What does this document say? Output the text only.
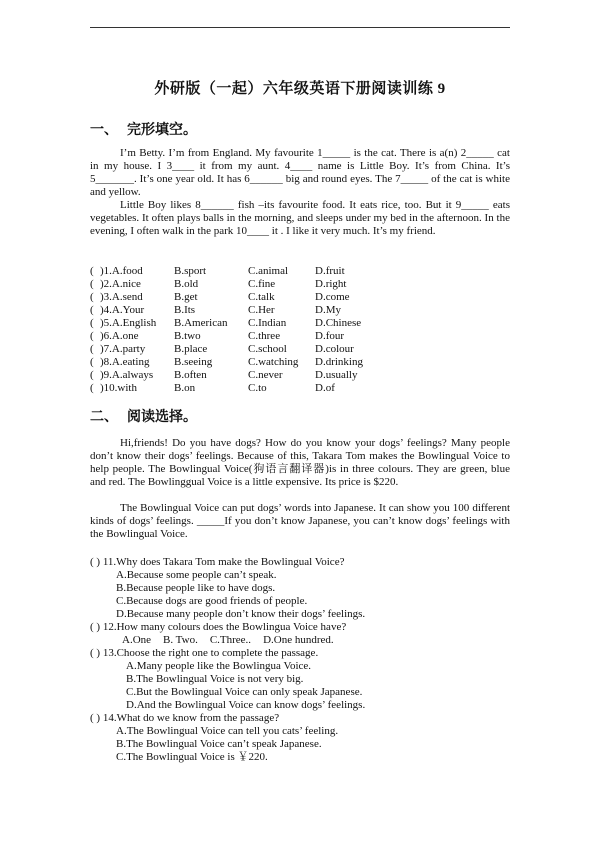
外研版（一起）六年级英语下册阅读训练 9
一、 完形填空。
I’m Betty. I’m from England. My favourite 1_____ is the cat. There is a(n) 2_____ cat in my house. I 3____ it from my aunt. 4____ name is Little Boy. It’s from China. It’s 5_______. It’s one year old. It has 6______ big and round eyes. The 7_____ of the cat is white and yellow.
Little Boy likes 8______ fish –its favourite food. It eats rice, too. But it 9_____ eats vegetables. It often plays balls in the morning, and sleeps under my bed in the afternoon. In the evening, I often walk in the park 10____ it . I like it very much. It’s my friend.
( )1.A.food	B.sport	C.animal	D.fruit
( )2.A.nice	B.old	C.fine	D.right
( )3.A.send	B.get	C.talk	D.come
( )4.A.Your	B.Its	C.Her	D.My
( )5.A.English	B.American	C.Indian	D.Chinese
( )6.A.one	B.two	C.three	D.four
( )7.A.party	B.place	C.school	D.colour
( )8.A.eating	B.seeing	C.watching	D.drinking
( )9.A.always	B.often	C.never	D.usually
( )10.with	B.on	C.to	D.of
二、 阅读选择。
Hi,friends! Do you have dogs? How do you know your dogs’ feelings? Many people don’t know their dogs’ feelings. Because of this, Takara Tom makes the Bowlingual Voice to help people. The Bowlingual Voice(狗语言翻译器)is in three colours. They are green, blue and red. The Bowlinggual Voice is a little expensive. Its price is $220.
The Bowlingual Voice can put dogs’ words into Japanese. It can show you 100 different kinds of dogs’ feelings. _____If you don’t know Japanese, you can’t know dogs’ feelings with the Bowlingual Voice.
( ) 11.Why does Takara Tom make the Bowlingual Voice?
A.Because some people can’t speak.
B.Because people like to have dogs.
C.Because dogs are good friends of people.
D.Because many people don’t know their dogs’ feelings.
( ) 12.How many colours does the Bowlingua Voice have?
A.One B. Two. C.Three.. D.One hundred.
( ) 13.Choose the right one to complete the passage.
A.Many people like the Bowlingua Voice.
B.The Bowlingual Voice is not very big.
C.But the Bowlingual Voice can only speak Japanese.
D.And the Bowlingual Voice can know dogs’ feelings.
( ) 14.What do we know from the passage?
A.The Bowlingual Voice can tell you cats’ feeling.
B.The Bowlingual Voice can’t speak Japanese.
C.The Bowlingual Voice is ￥220.
